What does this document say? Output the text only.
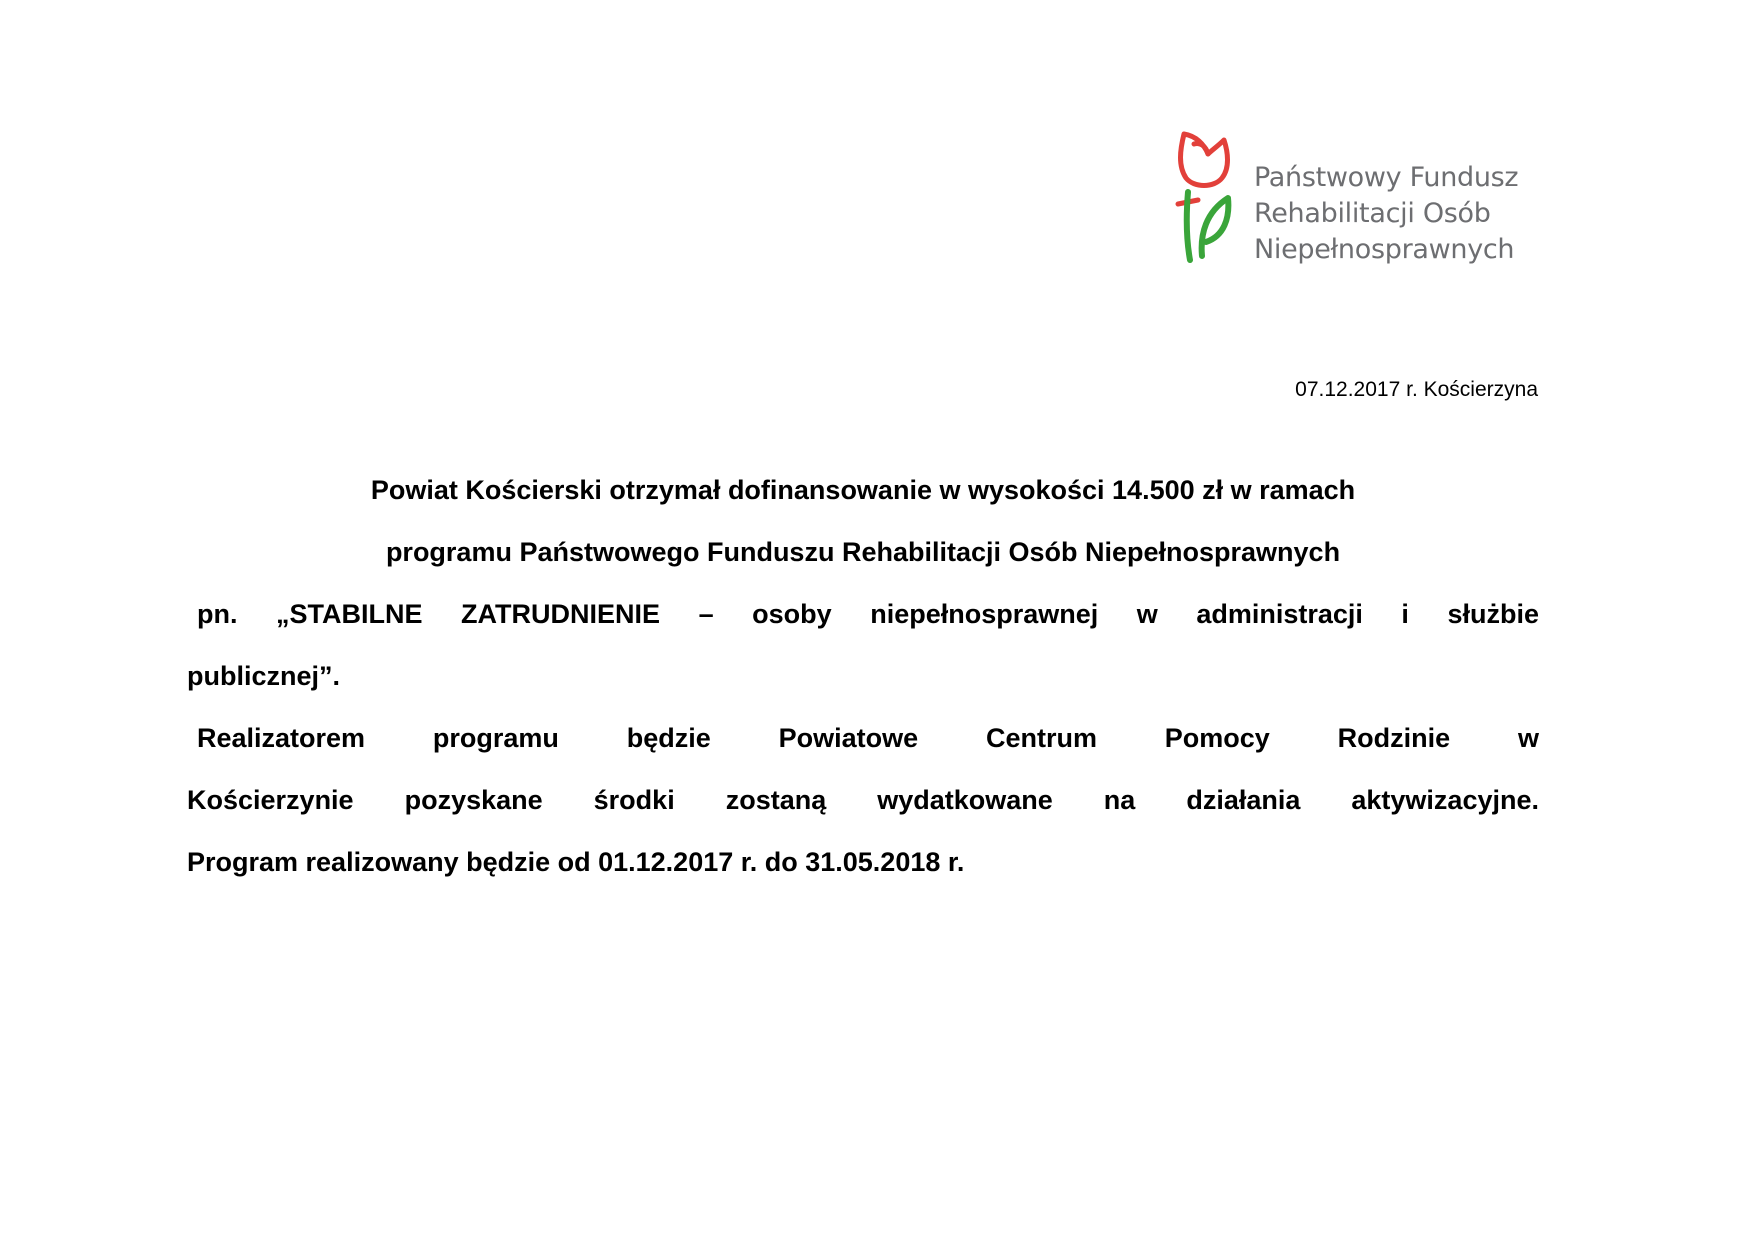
Państwowy Fundusz
Rehabilitacji Osób
Niepełnosprawnych
07.12.2017 r. Kościerzyna
Powiat Kościerski otrzymał dofinansowanie w wysokości 14.500 zł w ramach
programu Państwowego Funduszu Rehabilitacji Osób Niepełnosprawnych
pn. „STABILNE ZATRUDNIENIE – osoby niepełnosprawnej w administracji i służbie
publicznej”.
Realizatorem programu będzie Powiatowe Centrum Pomocy Rodzinie w
Kościerzynie pozyskane środki zostaną wydatkowane na działania aktywizacyjne.
Program realizowany będzie od 01.12.2017 r. do 31.05.2018 r.
